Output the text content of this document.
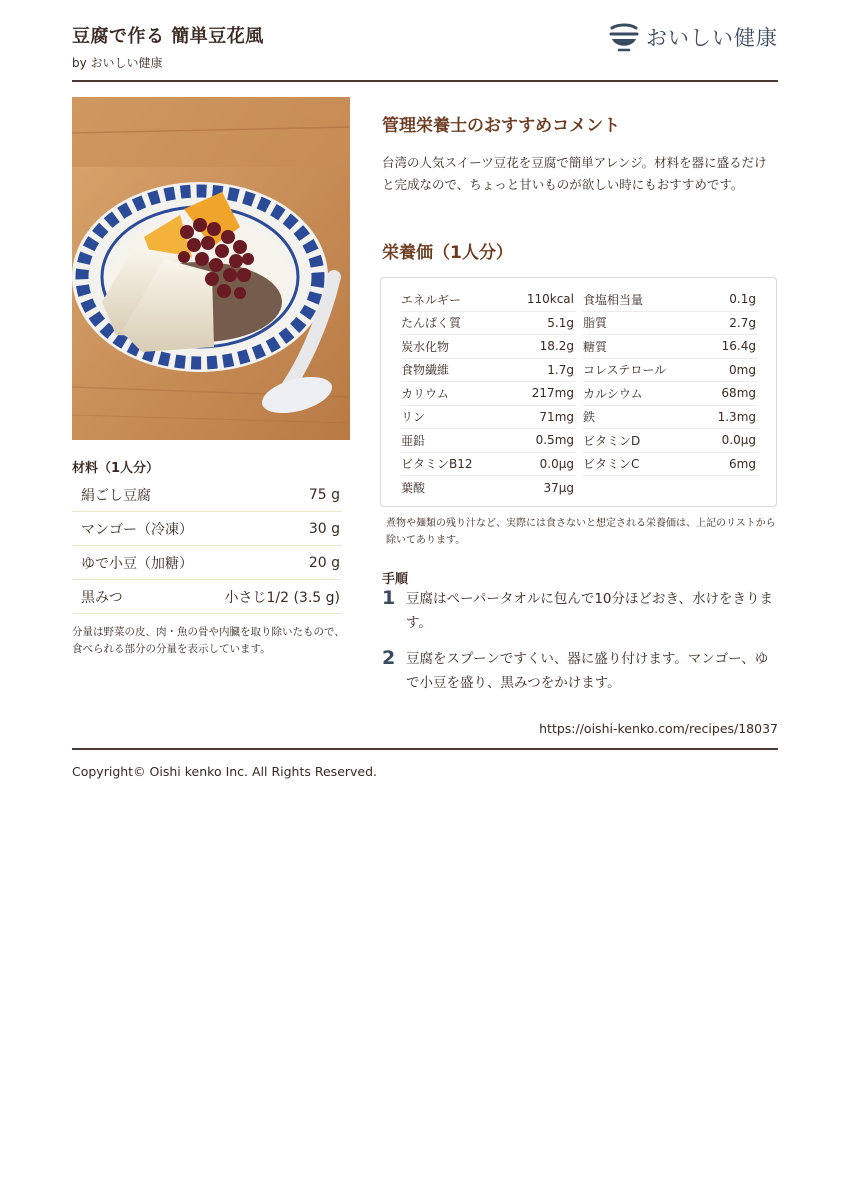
豆腐で作る 簡単豆花風
by おいしい健康
おいしい健康
材料（1人分）
絹ごし豆腐	75 g
マンゴー（冷凍）	30 g
ゆで小豆（加糖）	20 g
黒みつ	小さじ1/2 (3.5 g)
分量は野菜の皮、肉・魚の骨や内臓を取り除いたもので、 食べられる部分の分量を表示しています。
管理栄養士のおすすめコメント
台湾の人気スイーツ豆花を豆腐で簡単アレンジ。材料を器に盛るだけと完成なので、ちょっと甘いものが欲しい時にもおすすめです。
栄養価（1人分）
エネルギー	110kcal 食塩相当量	0.1g
たんぱく質	5.1g 脂質	2.7g
炭水化物	18.2g 糖質	16.4g
食物繊維	1.7g コレステロール	0mg
カリウム	217mg カルシウム	68mg
リン	71mg 鉄	1.3mg
亜鉛	0.5mg ビタミンD	0.0μg
ビタミンB12	0.0μg ビタミンC	6mg
葉酸	37μg
煮物や麺類の残り汁など、実際には食さないと想定される栄養価は、上記のリストから除いてあります。
手順
1 豆腐はペーパータオルに包んで10分ほどおき、水けをきります。
2 豆腐をスプーンですくい、器に盛り付けます。マンゴー、ゆで小豆を盛り、黒みつをかけます。
https://oishi-kenko.com/recipes/18037
Copyright© Oishi kenko Inc. All Rights Reserved.
